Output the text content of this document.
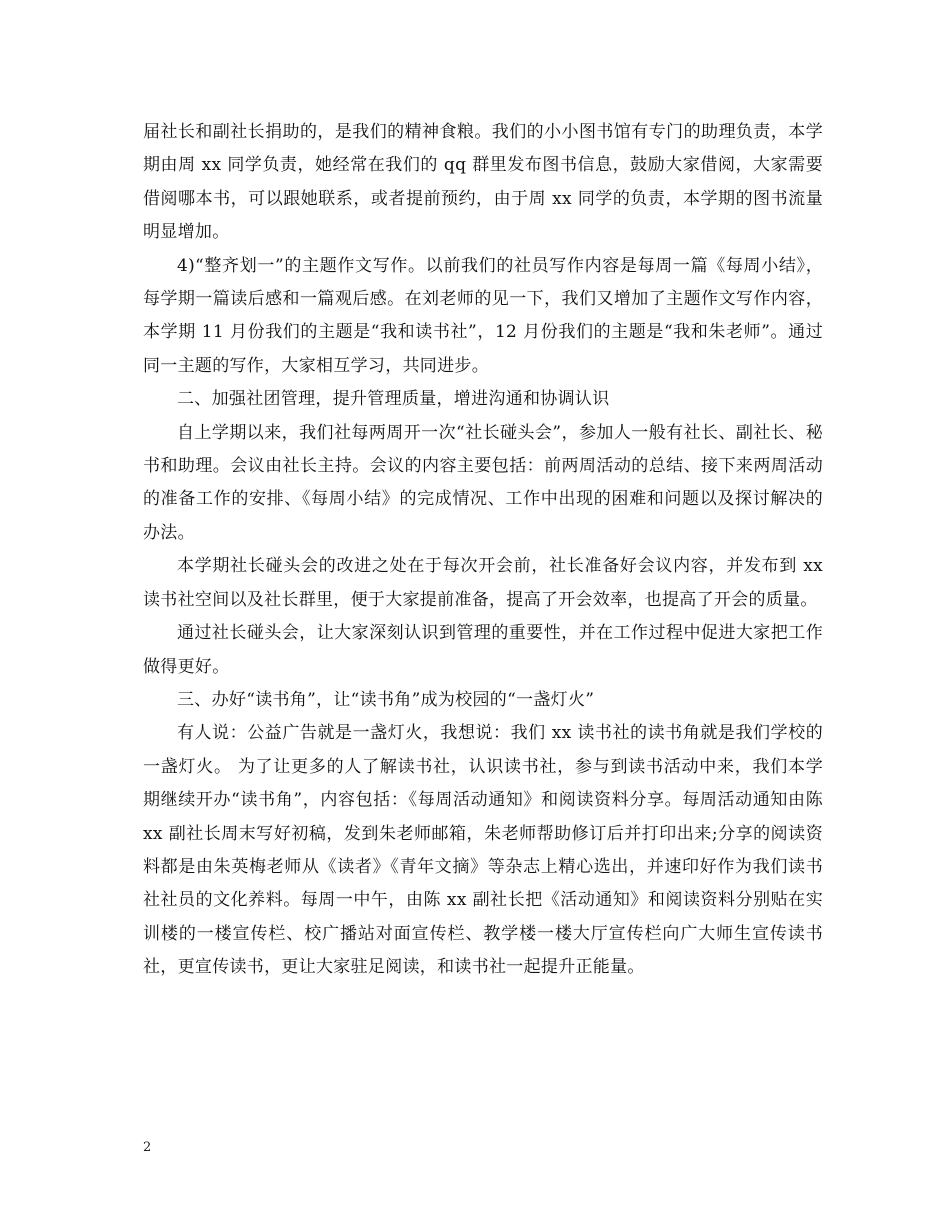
届社长和副社长捐助的，是我们的精神食粮。我们的小小图书馆有专门的助理负责，本学期由周 xx 同学负责，她经常在我们的 qq 群里发布图书信息，鼓励大家借阅，大家需要借阅哪本书，可以跟她联系，或者提前预约，由于周 xx 同学的负责，本学期的图书流量明显增加。

4)“整齐划一”的主题作文写作。以前我们的社员写作内容是每周一篇《每周小结》，每学期一篇读后感和一篇观后感。在刘老师的见一下，我们又增加了主题作文写作内容，本学期 11 月份我们的主题是“我和读书社”，12 月份我们的主题是“我和朱老师”。通过同一主题的写作，大家相互学习，共同进步。

二、加强社团管理，提升管理质量，增进沟通和协调认识

自上学期以来，我们社每两周开一次“社长碰头会”，参加人一般有社长、副社长、秘书和助理。会议由社长主持。会议的内容主要包括：前两周活动的总结、接下来两周活动的准备工作的安排、《每周小结》的完成情况、工作中出现的困难和问题以及探讨解决的办法。

本学期社长碰头会的改进之处在于每次开会前，社长准备好会议内容，并发布到 xx 读书社空间以及社长群里，便于大家提前准备，提高了开会效率，也提高了开会的质量。

通过社长碰头会，让大家深刻认识到管理的重要性，并在工作过程中促进大家把工作做得更好。

三、办好“读书角”，让“读书角”成为校园的“一盏灯火”

有人说：公益广告就是一盏灯火，我想说：我们 xx 读书社的读书角就是我们学校的一盏灯火。 为了让更多的人了解读书社，认识读书社，参与到读书活动中来，我们本学期继续开办“读书角”，内容包括：《每周活动通知》和阅读资料分享。每周活动通知由陈 xx 副社长周末写好初稿，发到朱老师邮箱，朱老师帮助修订后并打印出来;分享的阅读资料都是由朱英梅老师从《读者》《青年文摘》等杂志上精心选出，并速印好作为我们读书社社员的文化养料。每周一中午，由陈 xx 副社长把《活动通知》和阅读资料分别贴在实训楼的一楼宣传栏、校广播站对面宣传栏、教学楼一楼大厅宣传栏向广大师生宣传读书社，更宣传读书，更让大家驻足阅读，和读书社一起提升正能量。

2
